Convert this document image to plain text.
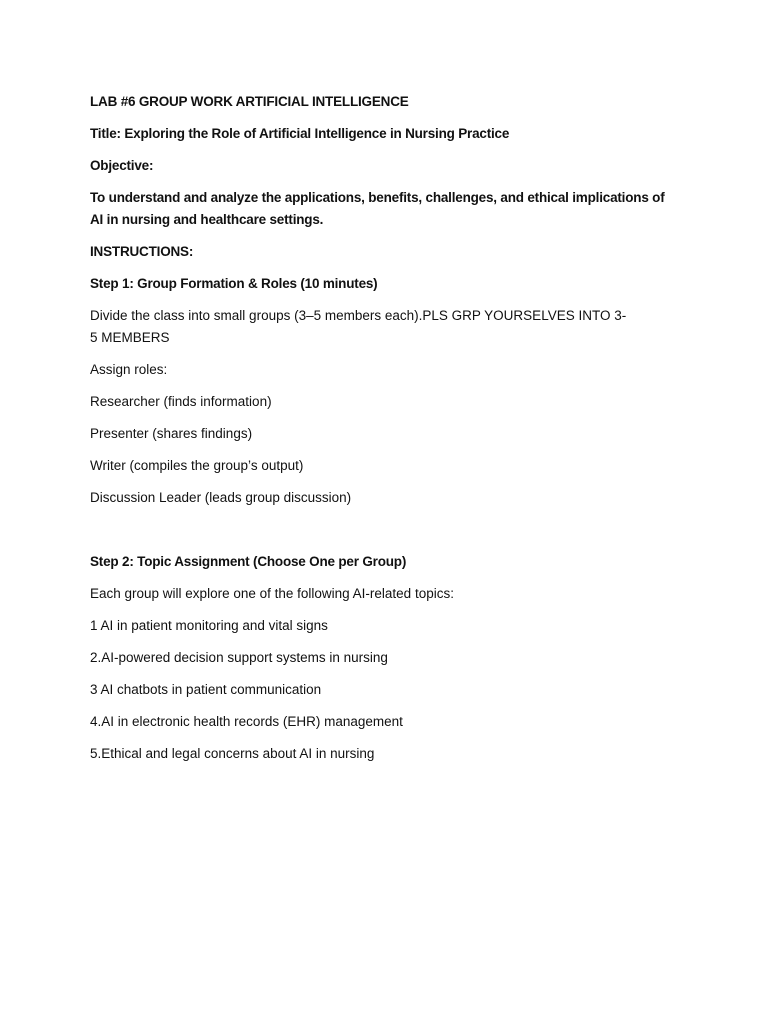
LAB #6 GROUP WORK ARTIFICIAL INTELLIGENCE
Title: Exploring the Role of Artificial Intelligence in Nursing Practice
Objective:
To understand and analyze the applications, benefits, challenges, and ethical implications of AI in nursing and healthcare settings.
INSTRUCTIONS:
Step 1: Group Formation & Roles (10 minutes)
Divide the class into small groups (3–5 members each).PLS GRP YOURSELVES INTO 3-5 MEMBERS
Assign roles:
Researcher (finds information)
Presenter (shares findings)
Writer (compiles the group’s output)
Discussion Leader (leads group discussion)
Step 2: Topic Assignment (Choose One per Group)
Each group will explore one of the following AI-related topics:
1 AI in patient monitoring and vital signs
2.AI-powered decision support systems in nursing
3 AI chatbots in patient communication
4.AI in electronic health records (EHR) management
5.Ethical and legal concerns about AI in nursing
